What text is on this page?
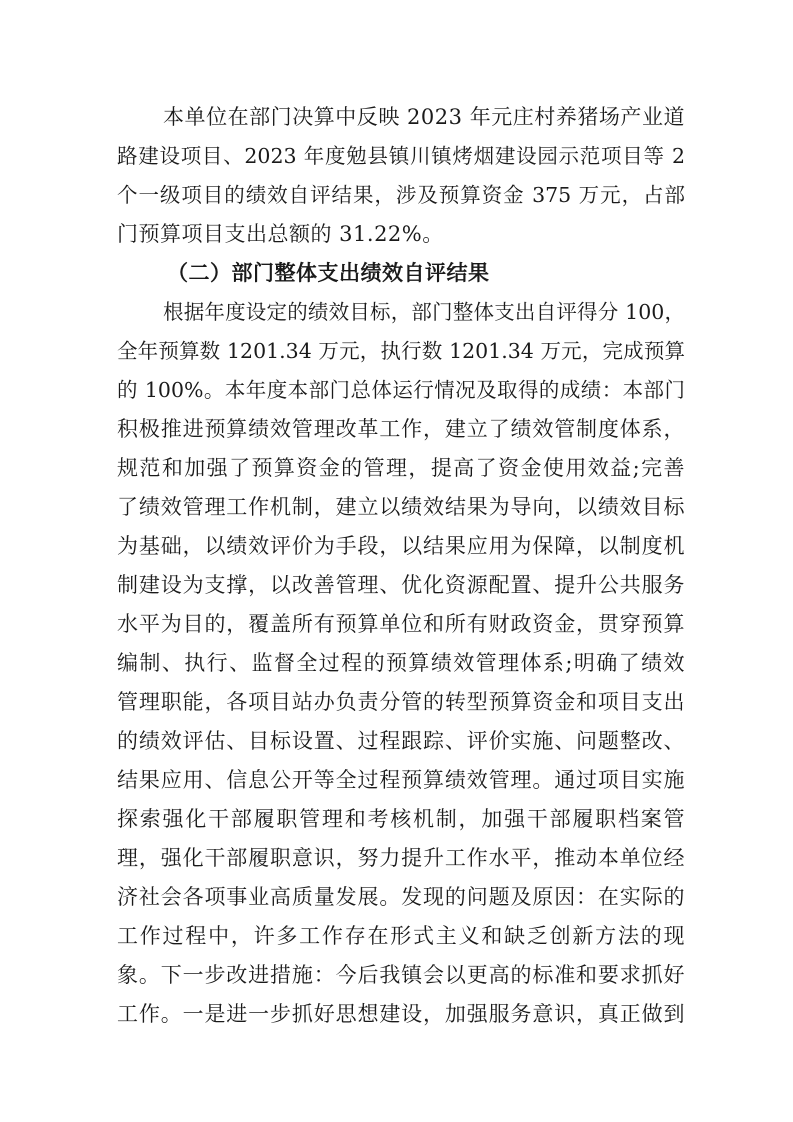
本单位在部门决算中反映 2023 年元庄村养猪场产业道
路建设项目、2023 年度勉县镇川镇烤烟建设园示范项目等 2
个一级项目的绩效自评结果，涉及预算资金 375 万元，占部
门预算项目支出总额的 31.22%。
（二）部门整体支出绩效自评结果
根据年度设定的绩效目标，部门整体支出自评得分 100，
全年预算数 1201.34 万元，执行数 1201.34 万元，完成预算
的 100%。本年度本部门总体运行情况及取得的成绩：本部门
积极推进预算绩效管理改革工作，建立了绩效管制度体系，
规范和加强了预算资金的管理，提高了资金使用效益;完善
了绩效管理工作机制，建立以绩效结果为导向，以绩效目标
为基础，以绩效评价为手段，以结果应用为保障，以制度机
制建设为支撑，以改善管理、优化资源配置、提升公共服务
水平为目的，覆盖所有预算单位和所有财政资金，贯穿预算
编制、执行、监督全过程的预算绩效管理体系;明确了绩效
管理职能，各项目站办负责分管的转型预算资金和项目支出
的绩效评估、目标设置、过程跟踪、评价实施、问题整改、
结果应用、信息公开等全过程预算绩效管理。通过项目实施
探索强化干部履职管理和考核机制，加强干部履职档案管
理，强化干部履职意识，努力提升工作水平，推动本单位经
济社会各项事业高质量发展。发现的问题及原因：在实际的
工作过程中，许多工作存在形式主义和缺乏创新方法的现
象。下一步改进措施：今后我镇会以更高的标准和要求抓好
工作。一是进一步抓好思想建设，加强服务意识，真正做到
